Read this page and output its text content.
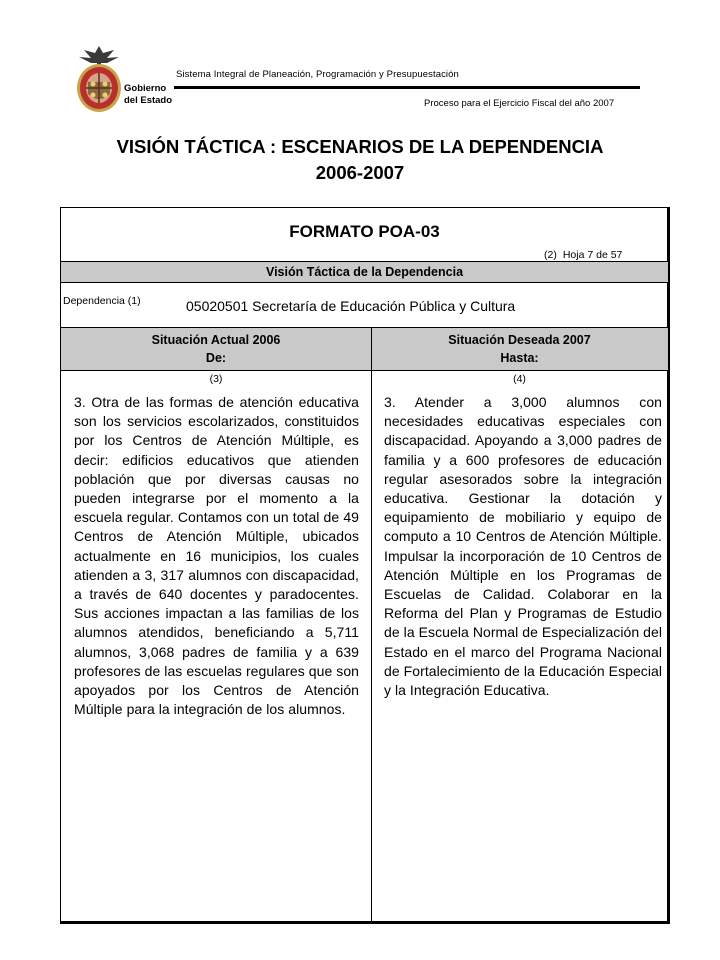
Gobierno
del Estado
Sistema Integral de Planeación, Programación y Presupuestación
Proceso para el Ejercicio Fiscal del año 2007
VISIÓN TÁCTICA : ESCENARIOS DE LA DEPENDENCIA
2006-2007
FORMATO POA-03
(2) Hoja 7 de 57
Visión Táctica de la Dependencia
Dependencia (1)	05020501 Secretaría de Educación Pública y Cultura
Situación Actual 2006
De:
Situación Deseada 2007
Hasta:
(3)	(4)
3. Otra de las formas de atención educativa son los servicios escolarizados, constituidos por los Centros de Atención Múltiple, es decir: edificios educativos que atienden población que por diversas causas no pueden integrarse por el momento a la escuela regular. Contamos con un total de 49 Centros de Atención Múltiple, ubicados actualmente en 16 municipios, los cuales atienden a 3, 317 alumnos con discapacidad, a través de 640 docentes y paradocentes. Sus acciones impactan a las familias de los alumnos atendidos, beneficiando a 5,711 alumnos, 3,068 padres de familia y a 639 profesores de las escuelas regulares que son apoyados por los Centros de Atención Múltiple para la integración de los alumnos.
3. Atender a 3,000 alumnos con necesidades educativas especiales con discapacidad. Apoyando a 3,000 padres de familia y a 600 profesores de educación regular asesorados sobre la integración educativa. Gestionar la dotación y equipamiento de mobiliario y equipo de computo a 10 Centros de Atención Múltiple. Impulsar la incorporación de 10 Centros de Atención Múltiple en los Programas de Escuelas de Calidad. Colaborar en la Reforma del Plan y Programas de Estudio de la Escuela Normal de Especialización del Estado en el marco del Programa Nacional de Fortalecimiento de la Educación Especial y la Integración Educativa.
